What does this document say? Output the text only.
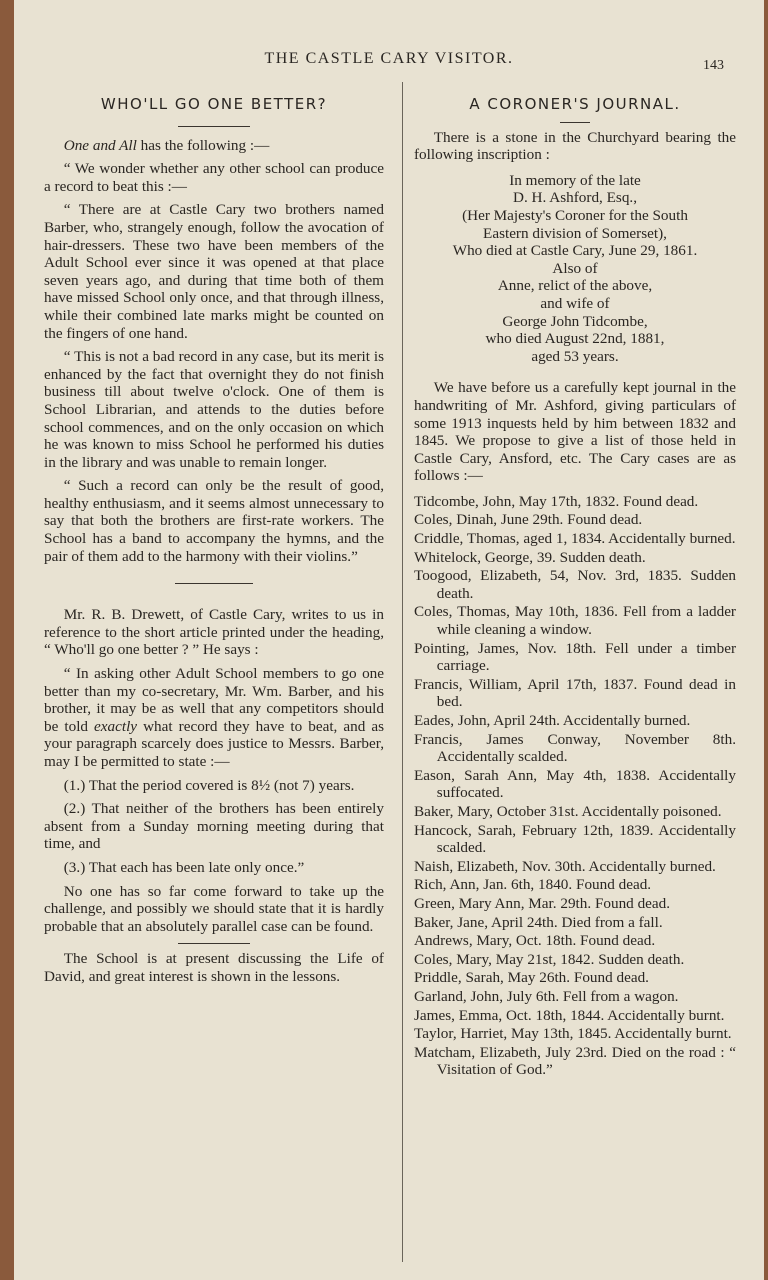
THE CASTLE CARY VISITOR.	143
WHO'LL GO ONE BETTER?

One and All has the following :—

“ We wonder whether any other school can produce a record to beat this :—

“ There are at Castle Cary two brothers named Barber, who, strangely enough, follow the avocation of hair-dressers. These two have been members of the Adult School ever since it was opened at that place seven years ago, and during that time both of them have missed School only once, and that through illness, while their combined late marks might be counted on the fingers of one hand.

“ This is not a bad record in any case, but its merit is enhanced by the fact that overnight they do not finish business till about twelve o'clock. One of them is School Librarian, and attends to the duties before school commences, and on the only occasion on which he was known to miss School he performed his duties in the library and was unable to remain longer.

“ Such a record can only be the result of good, healthy enthusiasm, and it seems almost unnecessary to say that both the brothers are first-rate workers. The School has a band to accompany the hymns, and the pair of them add to the harmony with their violins.”

Mr. R. B. Drewett, of Castle Cary, writes to us in reference to the short article printed under the heading, “ Who'll go one better ? ” He says :

“ In asking other Adult School members to go one better than my co-secretary, Mr. Wm. Barber, and his brother, it may be as well that any competitors should be told exactly what record they have to beat, and as your paragraph scarcely does justice to Messrs. Barber, may I be permitted to state :—

(1.) That the period covered is 8½ (not 7) years.

(2.) That neither of the brothers has been entirely absent from a Sunday morning meeting during that time, and

(3.) That each has been late only once.”

No one has so far come forward to take up the challenge, and possibly we should state that it is hardly probable that an absolutely parallel case can be found.

The School is at present discussing the Life of David, and great interest is shown in the lessons.

A CORONER'S JOURNAL.

There is a stone in the Churchyard bearing the following inscription :

In memory of the late
D. H. Ashford, Esq.,
(Her Majesty's Coroner for the South
Eastern division of Somerset),
Who died at Castle Cary, June 29, 1861.
Also of
Anne, relict of the above,
and wife of
George John Tidcombe,
who died August 22nd, 1881,
aged 53 years.

We have before us a carefully kept journal in the handwriting of Mr. Ashford, giving particulars of some 1913 inquests held by him between 1832 and 1845. We propose to give a list of those held in Castle Cary, Ansford, etc. The Cary cases are as follows :—

Tidcombe, John, May 17th, 1832. Found dead.

Coles, Dinah, June 29th. Found dead.

Criddle, Thomas, aged 1, 1834. Accidentally burned.

Whitelock, George, 39. Sudden death.

Toogood, Elizabeth, 54, Nov. 3rd, 1835. Sudden death.

Coles, Thomas, May 10th, 1836. Fell from a ladder while cleaning a window.

Pointing, James, Nov. 18th. Fell under a timber carriage.

Francis, William, April 17th, 1837. Found dead in bed.

Eades, John, April 24th. Accidentally burned.

Francis, James Conway, November 8th. Accidentally scalded.

Eason, Sarah Ann, May 4th, 1838. Accidentally suffocated.

Baker, Mary, October 31st. Accidentally poisoned.

Hancock, Sarah, February 12th, 1839. Accidentally scalded.

Naish, Elizabeth, Nov. 30th. Accidentally burned.

Rich, Ann, Jan. 6th, 1840. Found dead.

Green, Mary Ann, Mar. 29th. Found dead.

Baker, Jane, April 24th. Died from a fall.

Andrews, Mary, Oct. 18th. Found dead.

Coles, Mary, May 21st, 1842. Sudden death.

Priddle, Sarah, May 26th. Found dead.

Garland, John, July 6th. Fell from a wagon.

James, Emma, Oct. 18th, 1844. Accidentally burnt.

Taylor, Harriet, May 13th, 1845. Accidentally burnt.

Matcham, Elizabeth, July 23rd. Died on the road : “ Visitation of God.”
